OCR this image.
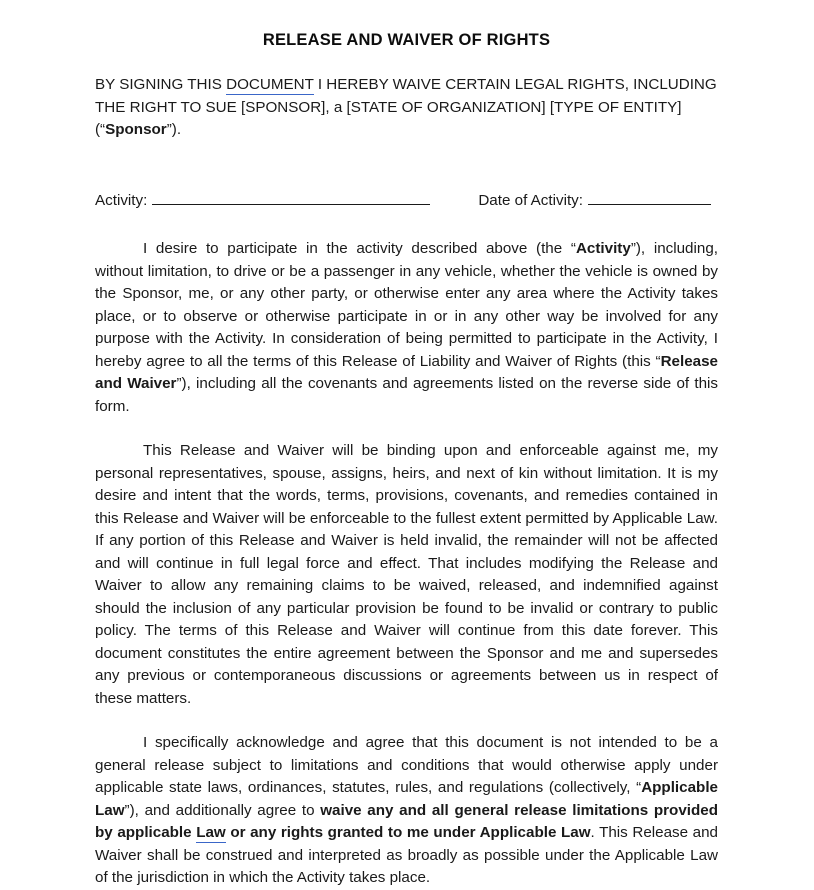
RELEASE AND WAIVER OF RIGHTS

BY SIGNING THIS DOCUMENT I HEREBY WAIVE CERTAIN LEGAL RIGHTS, INCLUDING THE RIGHT TO SUE [SPONSOR], a [STATE OF ORGANIZATION] [TYPE OF ENTITY] (“Sponsor”).

Activity:	Date of Activity:

I desire to participate in the activity described above (the “Activity”), including, without limitation, to drive or be a passenger in any vehicle, whether the vehicle is owned by the Sponsor, me, or any other party, or otherwise enter any area where the Activity takes place, or to observe or otherwise participate in or in any other way be involved for any purpose with the Activity. In consideration of being permitted to participate in the Activity, I hereby agree to all the terms of this Release of Liability and Waiver of Rights (this “Release and Waiver”), including all the covenants and agreements listed on the reverse side of this form.

This Release and Waiver will be binding upon and enforceable against me, my personal representatives, spouse, assigns, heirs, and next of kin without limitation. It is my desire and intent that the words, terms, provisions, covenants, and remedies contained in this Release and Waiver will be enforceable to the fullest extent permitted by Applicable Law. If any portion of this Release and Waiver is held invalid, the remainder will not be affected and will continue in full legal force and effect. That includes modifying the Release and Waiver to allow any remaining claims to be waived, released, and indemnified against should the inclusion of any particular provision be found to be invalid or contrary to public policy. The terms of this Release and Waiver will continue from this date forever. This document constitutes the entire agreement between the Sponsor and me and supersedes any previous or contemporaneous discussions or agreements between us in respect of these matters.

I specifically acknowledge and agree that this document is not intended to be a general release subject to limitations and conditions that would otherwise apply under applicable state laws, ordinances, statutes, rules, and regulations (collectively, “Applicable Law”), and additionally agree to waive any and all general release limitations provided by applicable Law or any rights granted to me under Applicable Law. This Release and Waiver shall be construed and interpreted as broadly as possible under the Applicable Law of the jurisdiction in which the Activity takes place.
